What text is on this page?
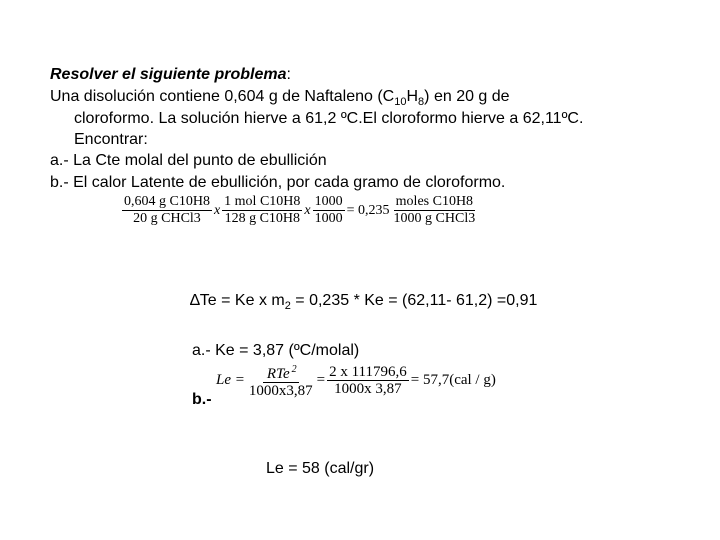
Resolver el siguiente problema:
Una disolución contiene 0,604 g de Naftaleno $(C_{10}H_8)$ en 20 g de
cloroformo. La solución hierve a 61,2 ºC.El cloroformo hierve a 62,11ºC.
Encontrar:
a.- La Cte molal del punto de ebullición
b.- El calor Latente de ebullición, por cada gramo de cloroformo.
0,604 g C10H8
20 g CHCl3
x
1 mol C10H8
128 g C10H8
x $\frac{1000}{1000} = 0,235$
moles C10H8
1000 g CHCl3
∆Te = Ke x $m_2 = 0,235 * Ke = (62,11-$ 61,2) =0,91
a.- Ke = 3,87 (ºC/molal)
b.-
Le = RTe $^2$
1000x3,87
= $\frac{2 x 111796,6}{1000x 3,87} = 57,7(cal / g)$
Le = 58 (cal/gr)
